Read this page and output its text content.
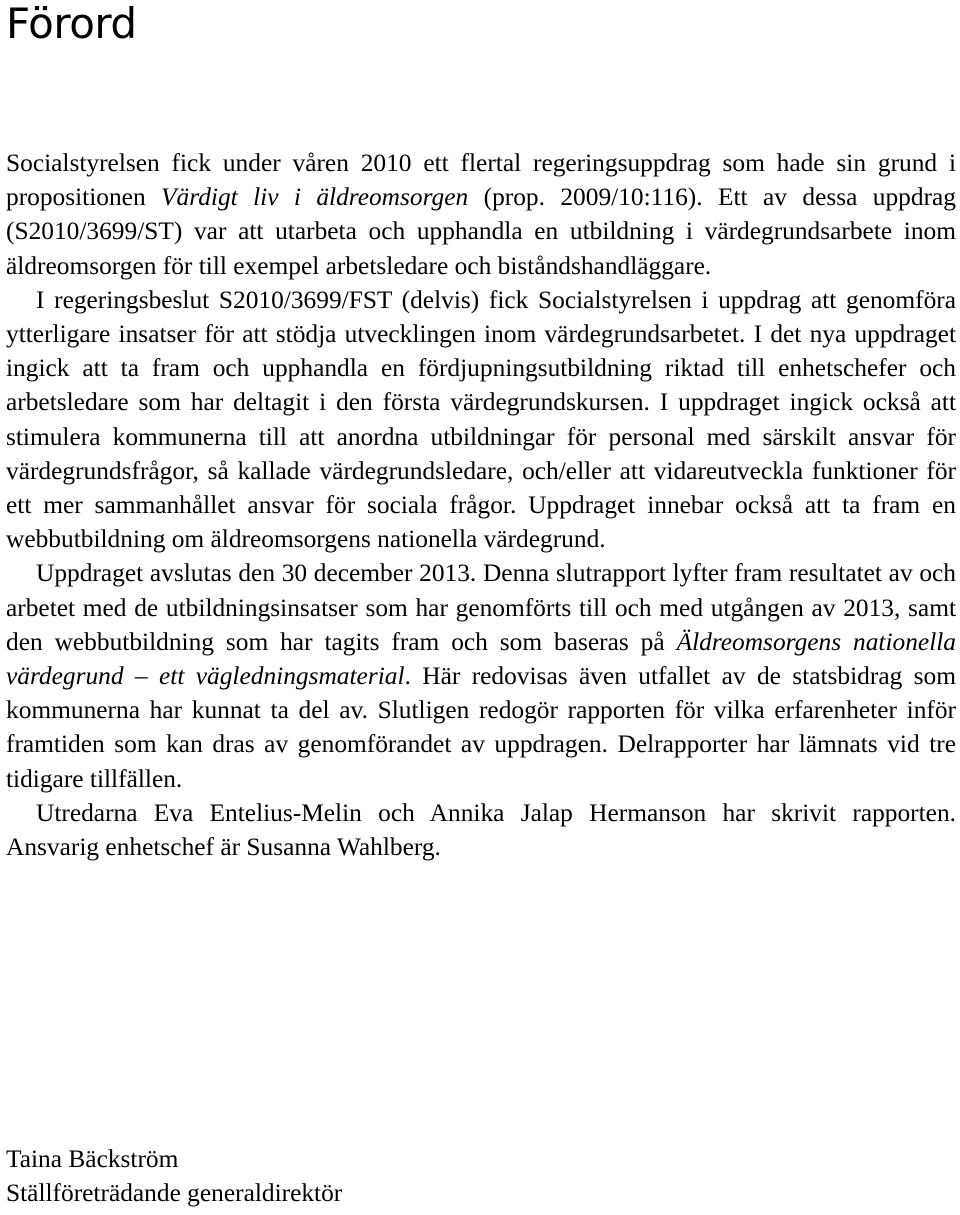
Förord

Socialstyrelsen fick under våren 2010 ett flertal regeringsuppdrag som hade sin grund i propositionen Värdigt liv i äldreomsorgen (prop. 2009/10:116). Ett av dessa uppdrag (S2010/3699/ST) var att utarbeta och upphandla en utbildning i värdegrundsarbete inom äldreomsorgen för till exempel arbetsledare och biståndshandläggare.

I regeringsbeslut S2010/3699/FST (delvis) fick Socialstyrelsen i uppdrag att genomföra ytterligare insatser för att stödja utvecklingen inom värdegrundsarbetet. I det nya uppdraget ingick att ta fram och upphandla en fördjupningsutbildning riktad till enhetschefer och arbetsledare som har deltagit i den första värdegrundskursen. I uppdraget ingick också att stimulera kommunerna till att anordna utbildningar för personal med särskilt ansvar för värdegrundsfrågor, så kallade värdegrundsledare, och/eller att vidareutveckla funktioner för ett mer sammanhållet ansvar för sociala frågor. Uppdraget innebar också att ta fram en webbutbildning om äldreomsorgens nationella värdegrund.

Uppdraget avslutas den 30 december 2013. Denna slutrapport lyfter fram resultatet av och arbetet med de utbildningsinsatser som har genomförts till och med utgången av 2013, samt den webbutbildning som har tagits fram och som baseras på Äldreomsorgens nationella värdegrund – ett vägledningsmaterial. Här redovisas även utfallet av de statsbidrag som kommunerna har kunnat ta del av. Slutligen redogör rapporten för vilka erfarenheter inför framtiden som kan dras av genomförandet av uppdragen. Delrapporter har lämnats vid tre tidigare tillfällen.

Utredarna Eva Entelius-Melin och Annika Jalap Hermanson har skrivit rapporten. Ansvarig enhetschef är Susanna Wahlberg.

Taina Bäckström
Ställföreträdande generaldirektör
